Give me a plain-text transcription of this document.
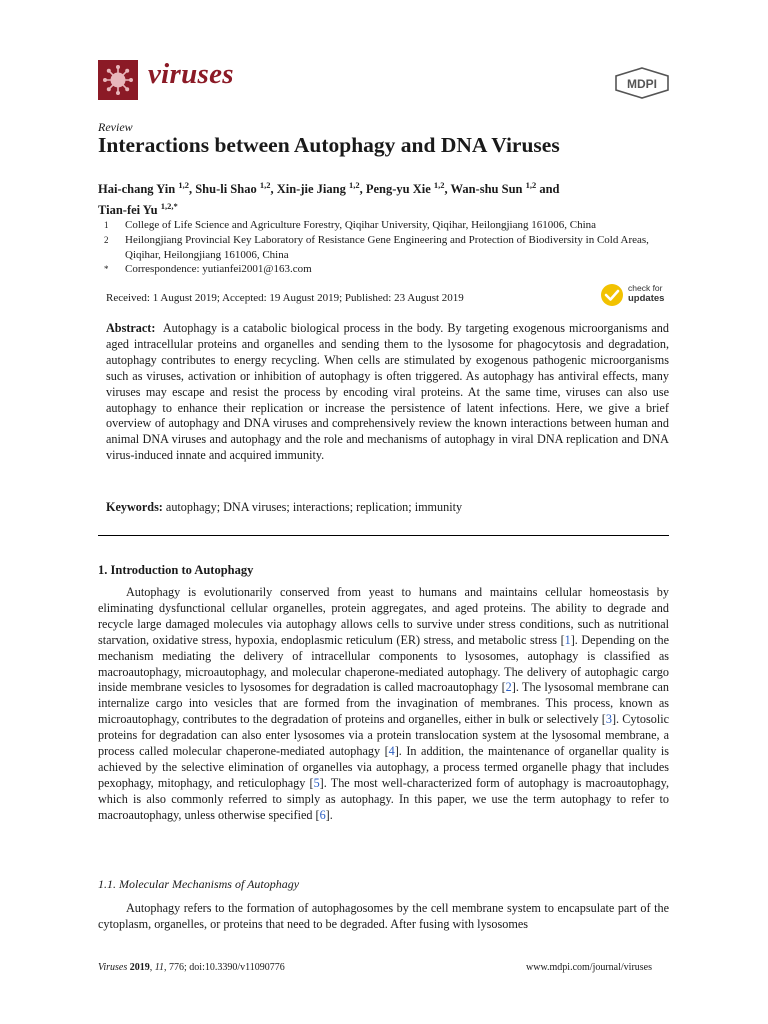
viruses	MDPI
Review
Interactions between Autophagy and DNA Viruses
Hai-chang Yin $^{1,2}$, Shu-li Shao $^{1,2}$, Xin-jie Jiang $^{1,2}$, Peng-yu Xie $^{1,2}$, Wan-shu Sun $^{1,2}$ and
Tian-fei Yu $^{1,2,*}$
1	College of Life Science and Agriculture Forestry, Qiqihar University, Qiqihar, Heilongjiang 161006, China
2	Heilongjiang Provincial Key Laboratory of Resistance Gene Engineering and Protection of Biodiversity in Cold Areas, Qiqihar, Heilongjiang 161006, China
*	Correspondence: yutianfei2001@163.com
Received: 1 August 2019; Accepted: 19 August 2019; Published: 23 August 2019
check for
updates
Abstract: Autophagy is a catabolic biological process in the body. By targeting exogenous microorganisms and aged intracellular proteins and organelles and sending them to the lysosome for phagocytosis and degradation, autophagy contributes to energy recycling. When cells are stimulated by exogenous pathogenic microorganisms such as viruses, activation or inhibition of autophagy is often triggered. As autophagy has antiviral effects, many viruses may escape and resist the process by encoding viral proteins. At the same time, viruses can also use autophagy to enhance their replication or increase the persistence of latent infections. Here, we give a brief overview of autophagy and DNA viruses and comprehensively review the known interactions between human and animal DNA viruses and autophagy and the role and mechanisms of autophagy in viral DNA replication and DNA virus-induced innate and acquired immunity.
Keywords: autophagy; DNA viruses; interactions; replication; immunity
1. Introduction to Autophagy
Autophagy is evolutionarily conserved from yeast to humans and maintains cellular homeostasis by eliminating dysfunctional cellular organelles, protein aggregates, and aged proteins. The ability to degrade and recycle large damaged molecules via autophagy allows cells to survive under stress conditions, such as nutritional starvation, oxidative stress, hypoxia, endoplasmic reticulum (ER) stress, and metabolic stress [1]. Depending on the mechanism mediating the delivery of intracellular components to lysosomes, autophagy is classified as macroautophagy, microautophagy, and molecular chaperone-mediated autophagy. The delivery of autophagic cargo inside membrane vesicles to lysosomes for degradation is called macroautophagy [2]. The lysosomal membrane can internalize cargo into vesicles that are formed from the invagination of membranes. This process, known as microautophagy, contributes to the degradation of proteins and organelles, either in bulk or selectively [3]. Cytosolic proteins for degradation can also enter lysosomes via a protein translocation system at the lysosomal membrane, a process called molecular chaperone-mediated autophagy [4]. In addition, the maintenance of organellar quality is achieved by the selective elimination of organelles via autophagy, a process termed organelle phagy that includes pexophagy, mitophagy, and reticulophagy [5]. The most well-characterized form of autophagy is macroautophagy, which is also commonly referred to simply as autophagy. In this paper, we use the term autophagy to refer to macroautophagy, unless otherwise specified [6].
1.1. Molecular Mechanisms of Autophagy
Autophagy refers to the formation of autophagosomes by the cell membrane system to encapsulate part of the cytoplasm, organelles, or proteins that need to be degraded. After fusing with lysosomes
Viruses 2019, 11, 776; doi:10.3390/v11090776	www.mdpi.com/journal/viruses
